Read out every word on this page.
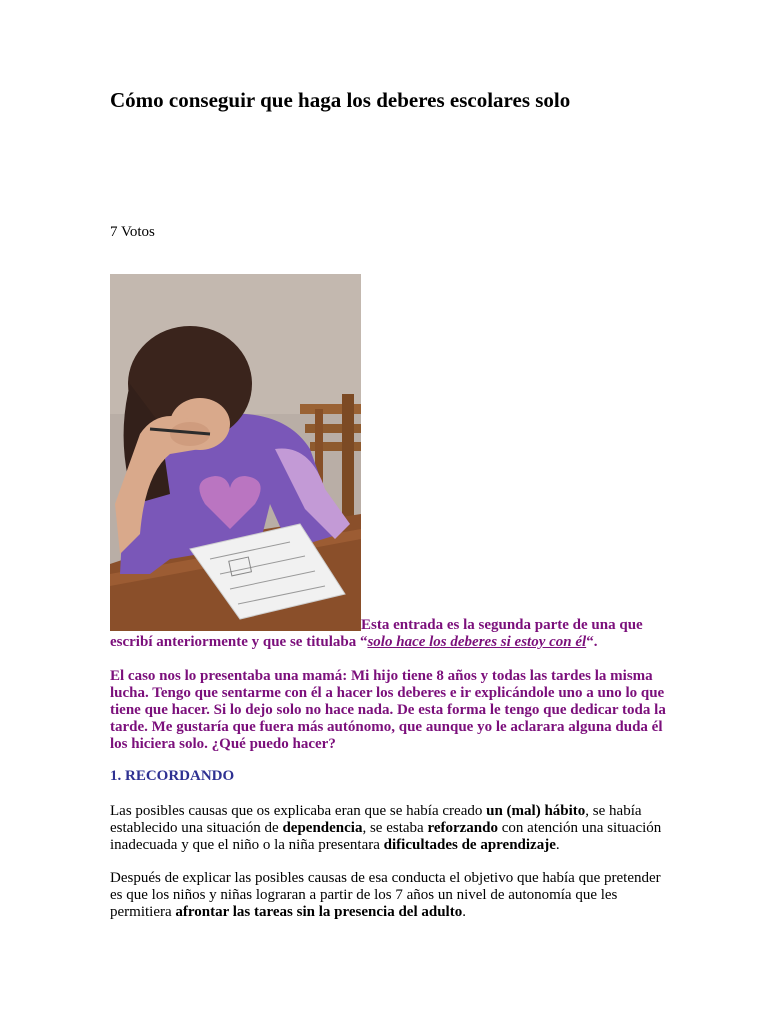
Cómo conseguir que haga los deberes escolares solo
7 Votos

Esta entrada es la segunda parte de una que escribí anteriormente y que se titulaba “solo hace los deberes si estoy con él“.

El caso nos lo presentaba una mamá: Mi hijo tiene 8 años y todas las tardes la misma lucha. Tengo que sentarme con él a hacer los deberes e ir explicándole uno a uno lo que tiene que hacer. Si lo dejo solo no hace nada. De esta forma le tengo que dedicar toda la tarde. Me gustaría que fuera más autónomo, que aunque yo le aclarara alguna duda él los hiciera solo. ¿Qué puedo hacer?

1. RECORDANDO

Las posibles causas que os explicaba eran que se había creado un (mal) hábito, se había establecido una situación de dependencia, se estaba reforzando con atención una situación inadecuada y que el niño o la niña presentara dificultades de aprendizaje.

Después de explicar las posibles causas de esa conducta el objetivo que había que pretender es que los niños y niñas lograran a partir de los 7 años un nivel de autonomía que les permitiera afrontar las tareas sin la presencia del adulto.
